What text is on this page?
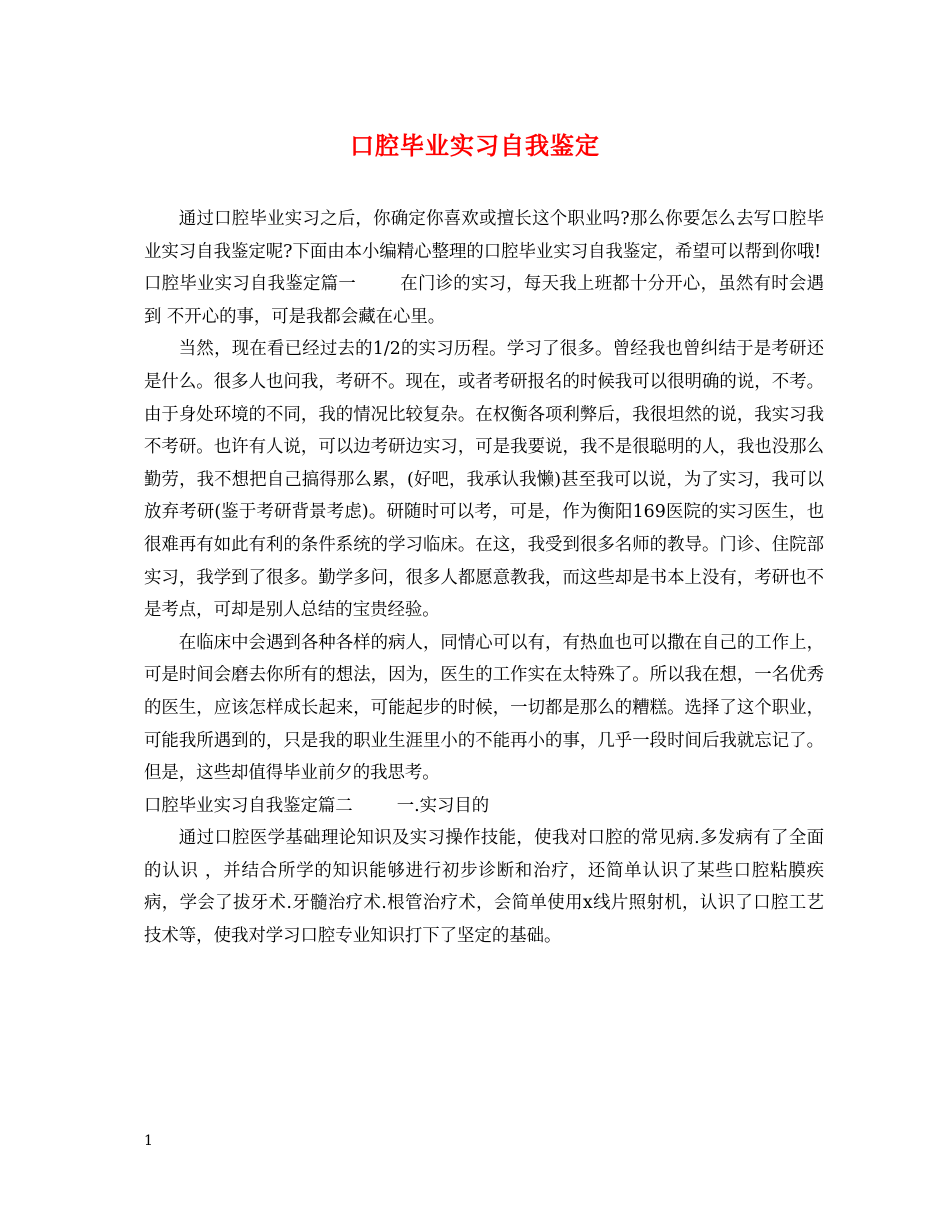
口腔毕业实习自我鉴定

通过口腔毕业实习之后，你确定你喜欢或擅长这个职业吗?那么你要怎么去写口腔毕业实习自我鉴定呢?下面由本小编精心整理的口腔毕业实习自我鉴定，希望可以帮到你哦!

口腔毕业实习自我鉴定篇一	在门诊的实习，每天我上班都十分开心，虽然有时会遇到 不开心的事，可是我都会藏在心里。

当然，现在看已经过去的1/2的实习历程。学习了很多。曾经我也曾纠结于是考研还是什么。很多人也问我，考研不。现在，或者考研报名的时候我可以很明确的说，不考。由于身处环境的不同，我的情况比较复杂。在权衡各项利弊后，我很坦然的说，我实习我不考研。也许有人说，可以边考研边实习，可是我要说，我不是很聪明的人，我也没那么勤劳，我不想把自己搞得那么累，(好吧，我承认我懒)甚至我可以说，为了实习，我可以放弃考研(鉴于考研背景考虑)。研随时可以考，可是，作为衡阳169医院的实习医生，也很难再有如此有利的条件系统的学习临床。在这，我受到很多名师的教导。门诊、住院部实习，我学到了很多。勤学多问，很多人都愿意教我，而这些却是书本上没有，考研也不是考点，可却是别人总结的宝贵经验。

在临床中会遇到各种各样的病人，同情心可以有，有热血也可以撒在自己的工作上，可是时间会磨去你所有的想法，因为，医生的工作实在太特殊了。所以我在想，一名优秀的医生，应该怎样成长起来，可能起步的时候，一切都是那么的糟糕。选择了这个职业，可能我所遇到的，只是我的职业生涯里小的不能再小的事，几乎一段时间后我就忘记了。但是，这些却值得毕业前夕的我思考。

口腔毕业实习自我鉴定篇二	一.实习目的

通过口腔医学基础理论知识及实习操作技能，使我对口腔的常见病.多发病有了全面的认识 ，并结合所学的知识能够进行初步诊断和治疗，还简单认识了某些口腔粘膜疾病，学会了拔牙术.牙髓治疗术.根管治疗术，会简单使用x线片照射机，认识了口腔工艺技术等，使我对学习口腔专业知识打下了坚定的基础。

1
